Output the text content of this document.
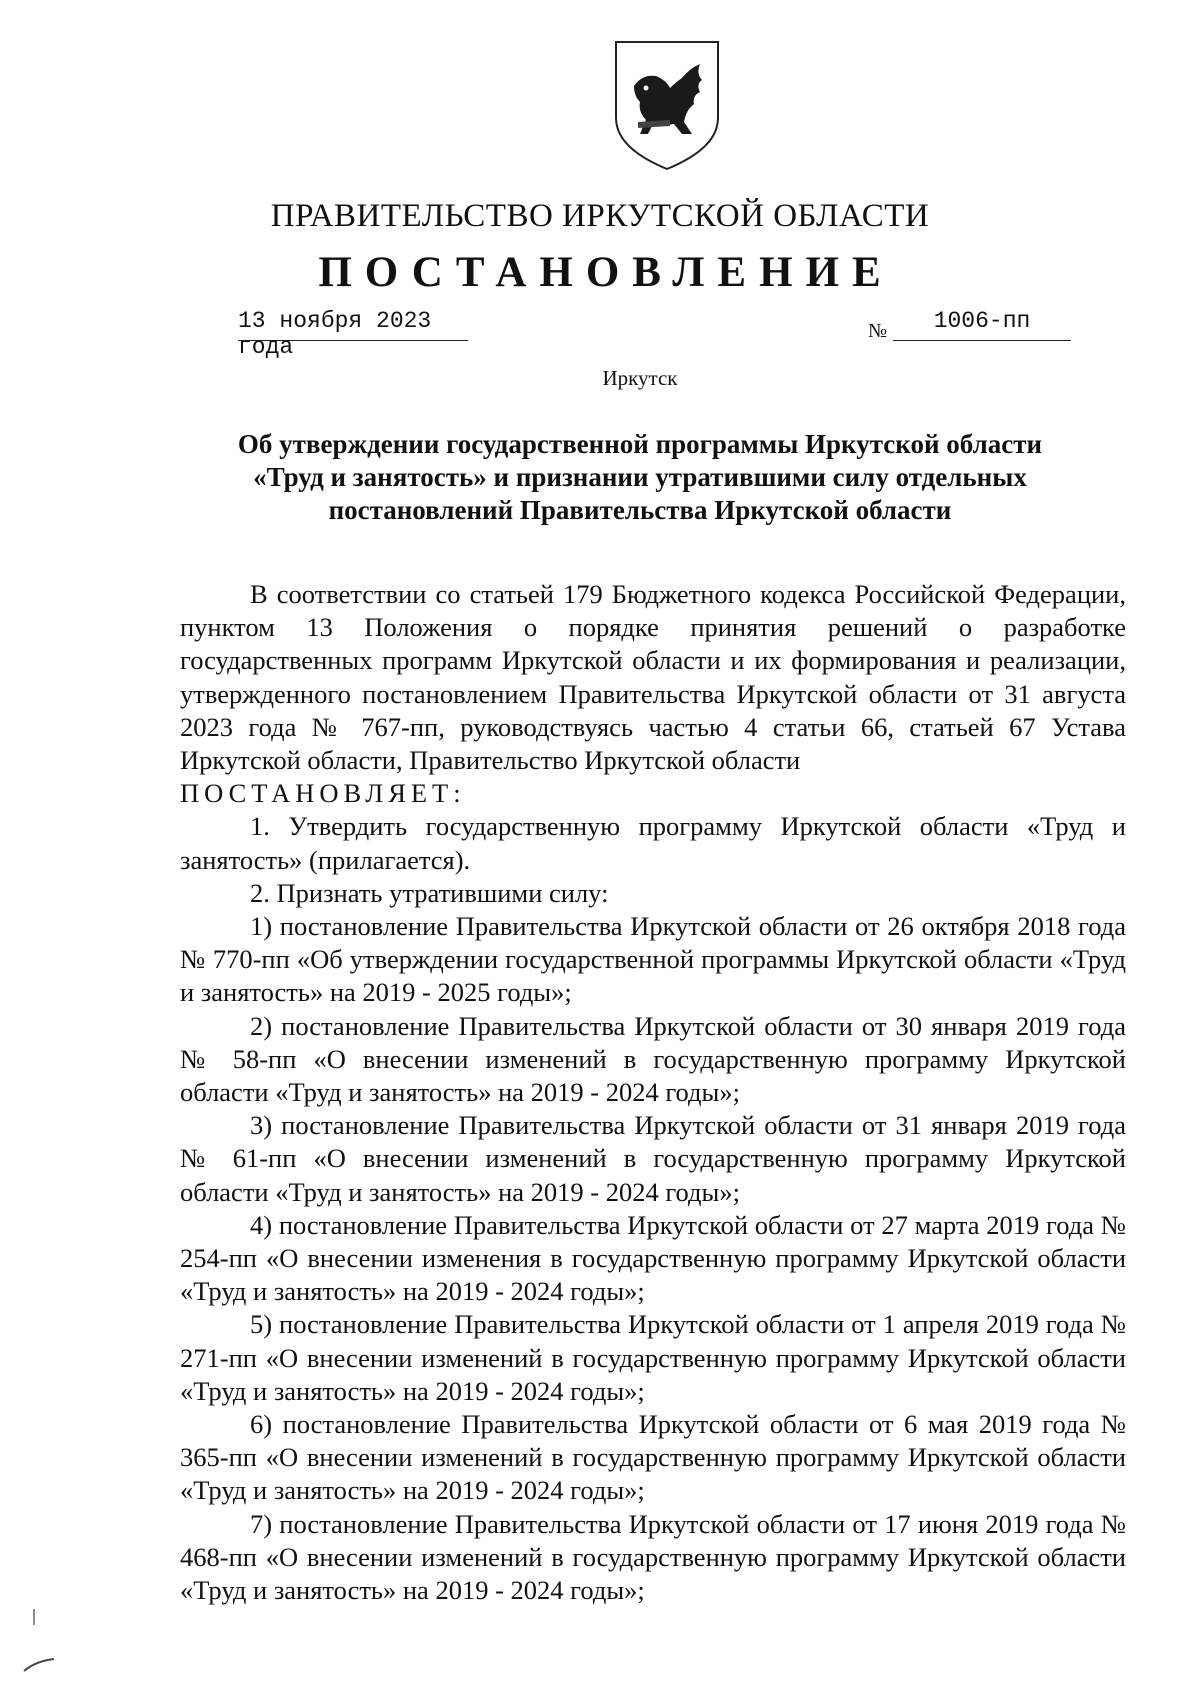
ПРАВИТЕЛЬСТВО ИРКУТСКОЙ ОБЛАСТИ
ПОСТАНОВЛЕНИЕ
13 ноября 2023 года
№	1006-пп
Иркутск
Об утверждении государственной программы Иркутской области
«Труд и занятость» и признании утратившими силу отдельных
постановлений Правительства Иркутской области

В соответствии со статьей 179 Бюджетного кодекса Российской Федерации, пунктом 13 Положения о порядке принятия решений о разработке государственных программ Иркутской области и их формирования и реализации, утвержденного постановлением Правительства Иркутской области от 31 августа 2023 года № 767-пп, руководствуясь частью 4 статьи 66, статьей 67 Устава Иркутской области, Правительство Иркутской области

ПОСТАНОВЛЯЕТ:

1. Утвердить государственную программу Иркутской области «Труд и занятость» (прилагается).

2. Признать утратившими силу:

1) постановление Правительства Иркутской области от 26 октября 2018 года № 770-пп «Об утверждении государственной программы Иркутской области «Труд и занятость» на 2019 - 2025 годы»;

2) постановление Правительства Иркутской области от 30 января 2019 года № 58-пп «О внесении изменений в государственную программу Иркутской области «Труд и занятость» на 2019 - 2024 годы»;

3) постановление Правительства Иркутской области от 31 января 2019 года № 61-пп «О внесении изменений в государственную программу Иркутской области «Труд и занятость» на 2019 - 2024 годы»;

4) постановление Правительства Иркутской области от 27 марта 2019 года № 254-пп «О внесении изменения в государственную программу Иркутской области «Труд и занятость» на 2019 - 2024 годы»;

5) постановление Правительства Иркутской области от 1 апреля 2019 года № 271-пп «О внесении изменений в государственную программу Иркутской области «Труд и занятость» на 2019 - 2024 годы»;

6) постановление Правительства Иркутской области от 6 мая 2019 года № 365-пп «О внесении изменений в государственную программу Иркутской области «Труд и занятость» на 2019 - 2024 годы»;

7) постановление Правительства Иркутской области от 17 июня 2019 года № 468-пп «О внесении изменений в государственную программу Иркутской области «Труд и занятость» на 2019 - 2024 годы»;
